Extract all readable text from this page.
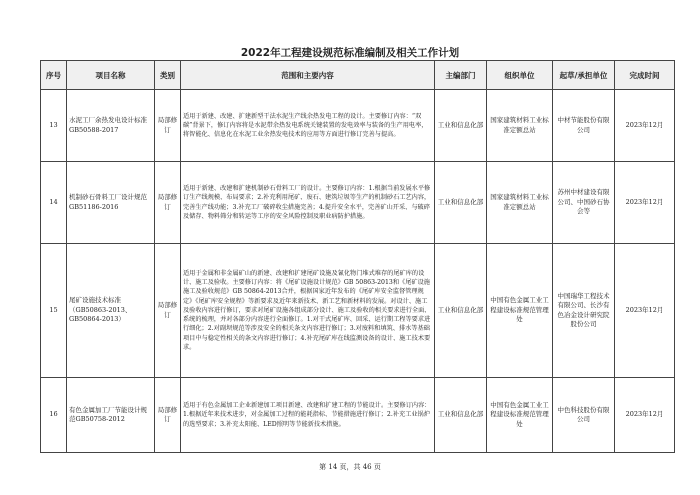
2022年工程建设规范标准编制及相关工作计划
序号	项目名称	类别	范围和主要内容	主编部门	组织单位	起草/承担单位	完成时间
13	水泥工厂余热发电设计标准GB50588-2017	局部修订	适用于新建、改建、扩建新型干法水泥生产线余热发电工程的设计。主要修订内容：“双碳”背景下，修订内容将是水泥带余热发电系统关键装置的发电效率与装备的生产用电率，将智能化、信息化在水泥工业余热发电技术的应用等方面进行修订完善与提高。	工业和信息化部	国家建筑材料工业标准定额总站	中材节能股份有限公司	2023年12月
14	机制砂石骨料工厂设计规范GB51186-2016	局部修订	适用于新建、改建和扩建机制砂石骨料工厂的设计。主要修订内容：1.根据当前发展水平修订生产线规模、布局要求；2.补充利用尾矿、废石、建筑垃圾等生产的机制砂石工艺内容，完善生产线功能；3.补充工厂破碎收尘措施完善；4.提升安全水平，完善矿山开采、与破碎及储存、物料筛分和转运等工序的安全风险控制及职业病防护措施。	工业和信息化部	国家建筑材料工业标准定额总站	苏州中材建设有限公司、中国砂石协会等	2023年12月
15	尾矿设施技术标准（GB50863-2013、GB50864-2013）	局部修订	适用于金属和非金属矿山的新建、改建和扩建尾矿设施及氰化物门堆式堆存的尾矿库的设计、施工及验收。主要修订内容：将《尾矿设施设计规范》GB 50863-2013和《尾矿设施施工及验收规范》GB 50864-2013合并，根据国家近年发布的《尾矿库安全监督管理规定》《尾矿库安全规程》等新要求及近年来新技术、新工艺和新材料的发展。对设计、施工及验收内容进行修订，要求对尾矿设施各组成部分设计、施工及验收的相关要求进行全面、系统的梳理，并对各部分内容进行全面修订。1.对干式尾矿库、回采、运行期工程等要求进行细化；2.对副坝规范等涉及安全的相关条文内容进行修订；3.对废料和填筑、排水等基础项目中与稳定性相关的条文内容进行修订；4.补充尾矿库在线监测设备的设计、施工技术要求。	工业和信息化部	中国有色金属工业工程建设标准规范管理处	中国瑞华工程技术有限公司、长沙有色冶金设计研究院股份公司	2023年12月
16	有色金属加工厂节能设计规范GB50758-2012	局部修订	适用于有色金属加工企业新建加工项目新建、改建和扩建工程的节能设计。主要修订内容：1.根据近年来技术进步，对金属加工过程的能耗指标、节能措施进行修订；2.补充工业锅炉的选型要求；3.补充太阳能、LED照明等节能新技术措施。	工业和信息化部	中国有色金属工业工程建设标准规范管理处	中色科技股份有限公司	2023年12月
第 14 页，共 46 页
